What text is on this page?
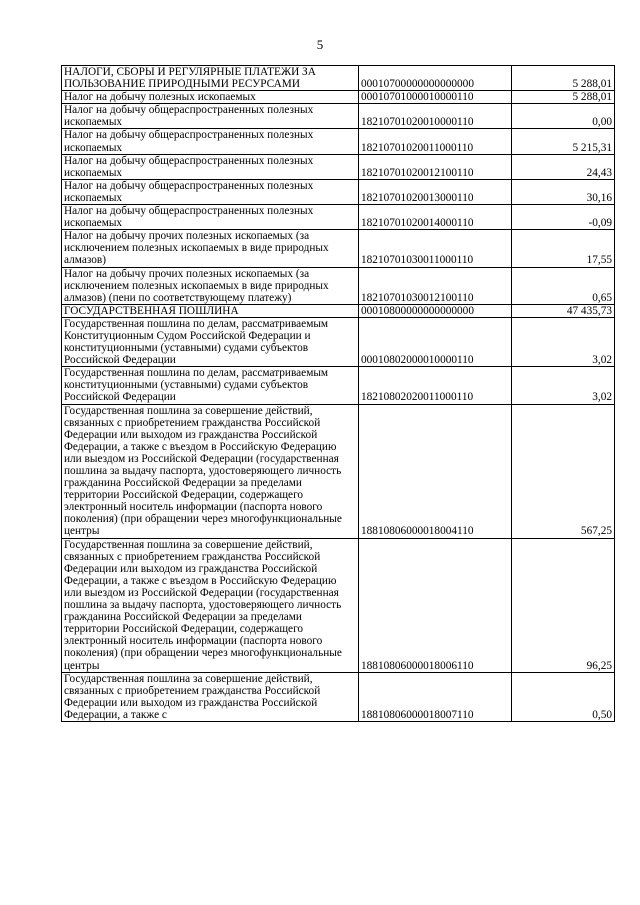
5
НАЛОГИ, СБОРЫ И РЕГУЛЯРНЫЕ ПЛАТЕЖИ ЗА ПОЛЬЗОВАНИЕ ПРИРОДНЫМИ РЕСУРСАМИ	00010700000000000000	5 288,01
Налог на добычу полезных ископаемых	00010701000010000110	5 288,01
Налог на добычу общераспространенных полезных ископаемых	18210701020010000110	0,00
Налог на добычу общераспространенных полезных ископаемых	18210701020011000110	5 215,31
Налог на добычу общераспространенных полезных ископаемых	18210701020012100110	24,43
Налог на добычу общераспространенных полезных ископаемых	18210701020013000110	30,16
Налог на добычу общераспространенных полезных ископаемых	18210701020014000110	-0,09
Налог на добычу прочих полезных ископаемых (за исключением полезных ископаемых в виде природных алмазов)	18210701030011000110	17,55
Налог на добычу прочих полезных ископаемых (за исключением полезных ископаемых в виде природных алмазов) (пени по соответствующему платежу)	18210701030012100110	0,65
ГОСУДАРСТВЕННАЯ ПОШЛИНА	00010800000000000000	47 435,73
Государственная пошлина по делам, рассматриваемым Конституционным Судом Российской Федерации и конституционными (уставными) судами субъектов Российской Федерации	00010802000010000110	3,02
Государственная пошлина по делам, рассматриваемым конституционными (уставными) судами субъектов Российской Федерации	18210802020011000110	3,02
Государственная пошлина за совершение действий, связанных с приобретением гражданства Российской Федерации или выходом из гражданства Российской Федерации, а также с въездом в Российскую Федерацию или выездом из Российской Федерации (государственная пошлина за выдачу паспорта, удостоверяющего личность гражданина Российской Федерации за пределами территории Российской Федерации, содержащего электронный носитель информации (паспорта нового поколения) (при обращении через многофункциональные центры	18810806000018004110	567,25
Государственная пошлина за совершение действий, связанных с приобретением гражданства Российской Федерации или выходом из гражданства Российской Федерации, а также с въездом в Российскую Федерацию или выездом из Российской Федерации (государственная пошлина за выдачу паспорта, удостоверяющего личность гражданина Российской Федерации за пределами территории Российской Федерации, содержащего электронный носитель информации (паспорта нового поколения) (при обращении через многофункциональные центры	18810806000018006110	96,25
Государственная пошлина за совершение действий, связанных с приобретением гражданства Российской Федерации или выходом из гражданства Российской Федерации, а также с	18810806000018007110	0,50
